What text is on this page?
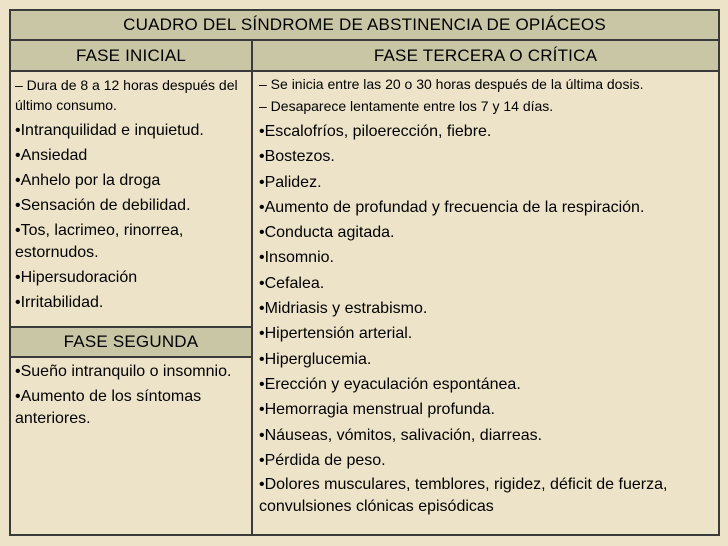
CUADRO DEL SÍNDROME DE ABSTINENCIA DE OPIÁCEOS
FASE INICIAL	FASE TERCERA O CRÍTICA
– Dura de 8 a 12 horas después del último consumo.
•Intranquilidad e inquietud.
•Ansiedad
•Anhelo por la droga
•Sensación de debilidad.
•Tos, lacrimeo, rinorrea, estornudos.
•Hipersudoración
•Irritabilidad.
FASE SEGUNDA
•Sueño intranquilo o insomnio.
•Aumento de los síntomas anteriores.
– Se inicia entre las 20 o 30 horas después de la última dosis.
– Desaparece lentamente entre los 7 y 14 días.
•Escalofríos, piloerección, fiebre.
•Bostezos.
•Palidez.
•Aumento de profundad y frecuencia de la respiración.
•Conducta agitada.
•Insomnio.
•Cefalea.
•Midriasis y estrabismo.
•Hipertensión arterial.
•Hiperglucemia.
•Erección y eyaculación espontánea.
•Hemorragia menstrual profunda.
•Náuseas, vómitos, salivación, diarreas.
•Pérdida de peso.
•Dolores musculares, temblores, rigidez, déficit de fuerza, convulsiones clónicas episódicas
